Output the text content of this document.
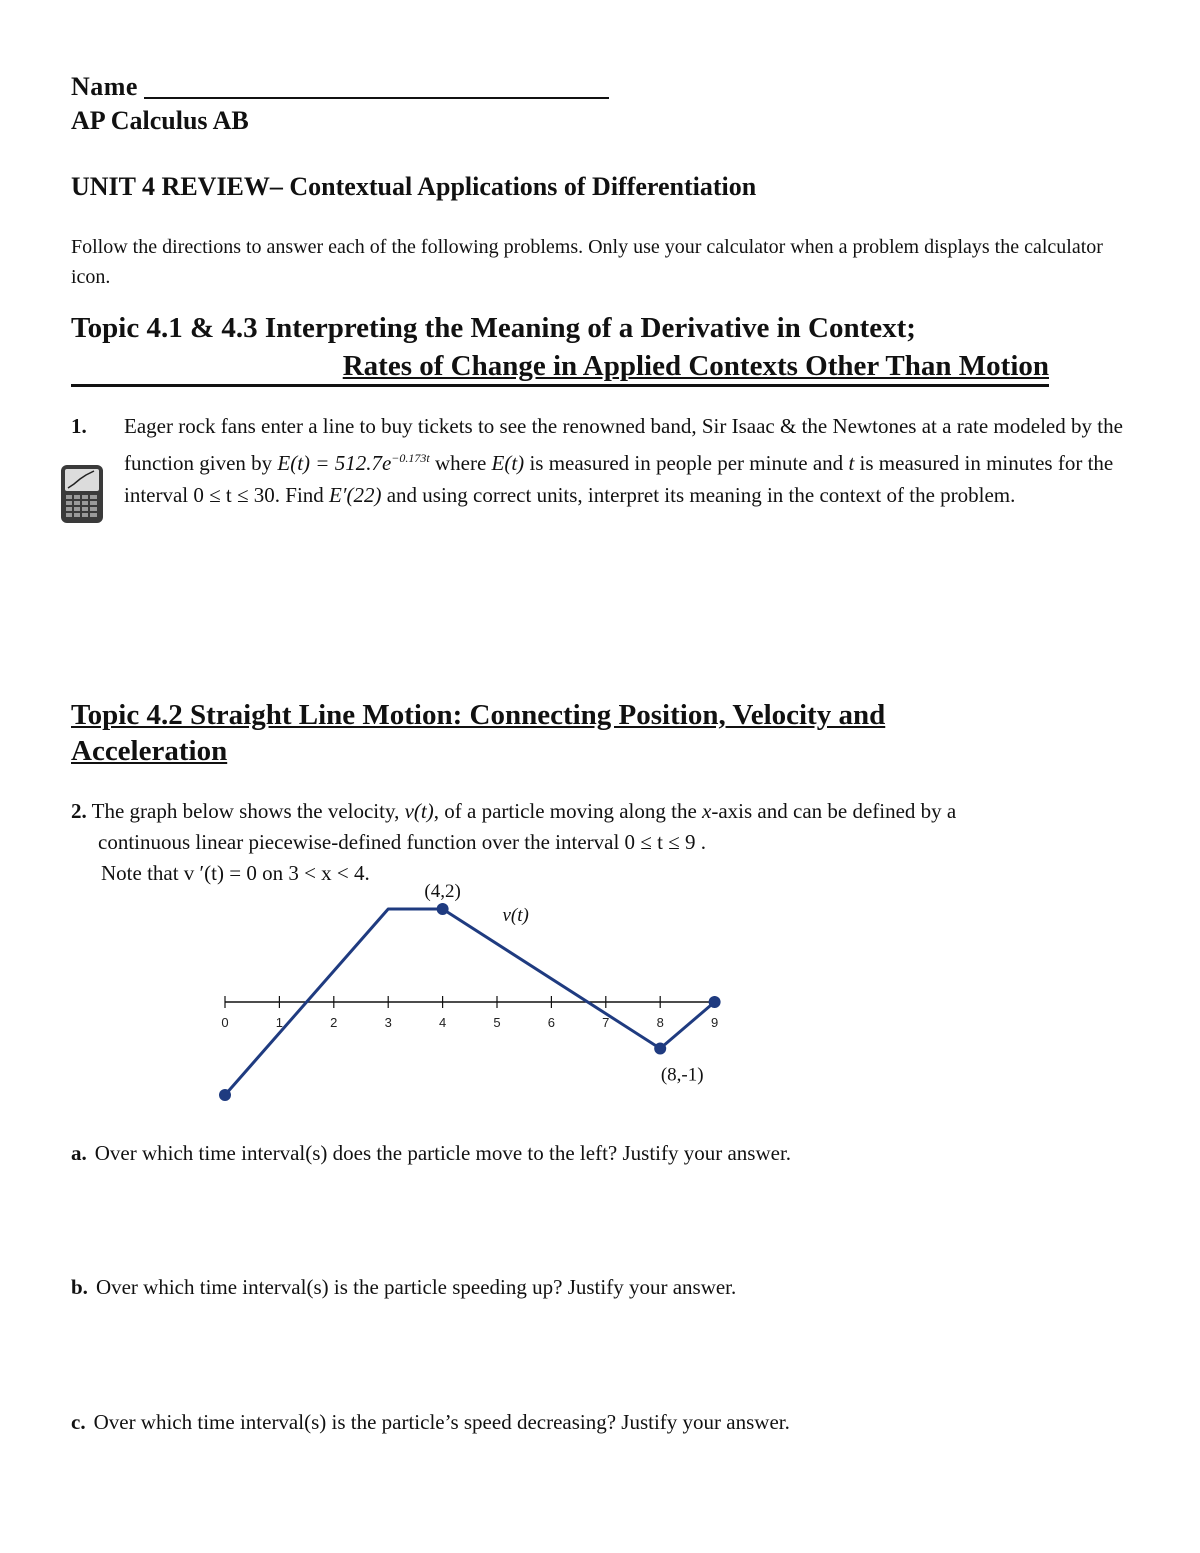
Name
AP Calculus AB
UNIT 4 REVIEW– Contextual Applications of Differentiation
Follow the directions to answer each of the following problems. Only use your calculator when a problem displays the calculator icon.
Topic 4.1 & 4.3 Interpreting the Meaning of a Derivative in Context;
Rates of Change in Applied Contexts Other Than Motion
1. Eager rock fans enter a line to buy tickets to see the renowned band, Sir Isaac & the Newtones at a rate modeled by the function given by $E(t) = 512.7e^{-0.173t}$ where E(t) is measured in people per minute and t is measured in minutes for the interval 0 ≤ t ≤ 30. Find E′(22) and using correct units, interpret its meaning in the context of the problem.
Topic 4.2 Straight Line Motion: Connecting Position, Velocity and Acceleration
2. The graph below shows the velocity, v(t), of a particle moving along the x-axis and can be defined by a
continuous linear piecewise-defined function over the interval 0 ≤ t ≤ 9 .
Note that v ′(t) = 0 on 3 < x < 4.
0	1	2	3	4	5	6	7	8	9
(4,2)
(8,-1)
v(t)
a. Over which time interval(s) does the particle move to the left? Justify your answer.
b. Over which time interval(s) is the particle speeding up? Justify your answer.
c. Over which time interval(s) is the particle’s speed decreasing? Justify your answer.
